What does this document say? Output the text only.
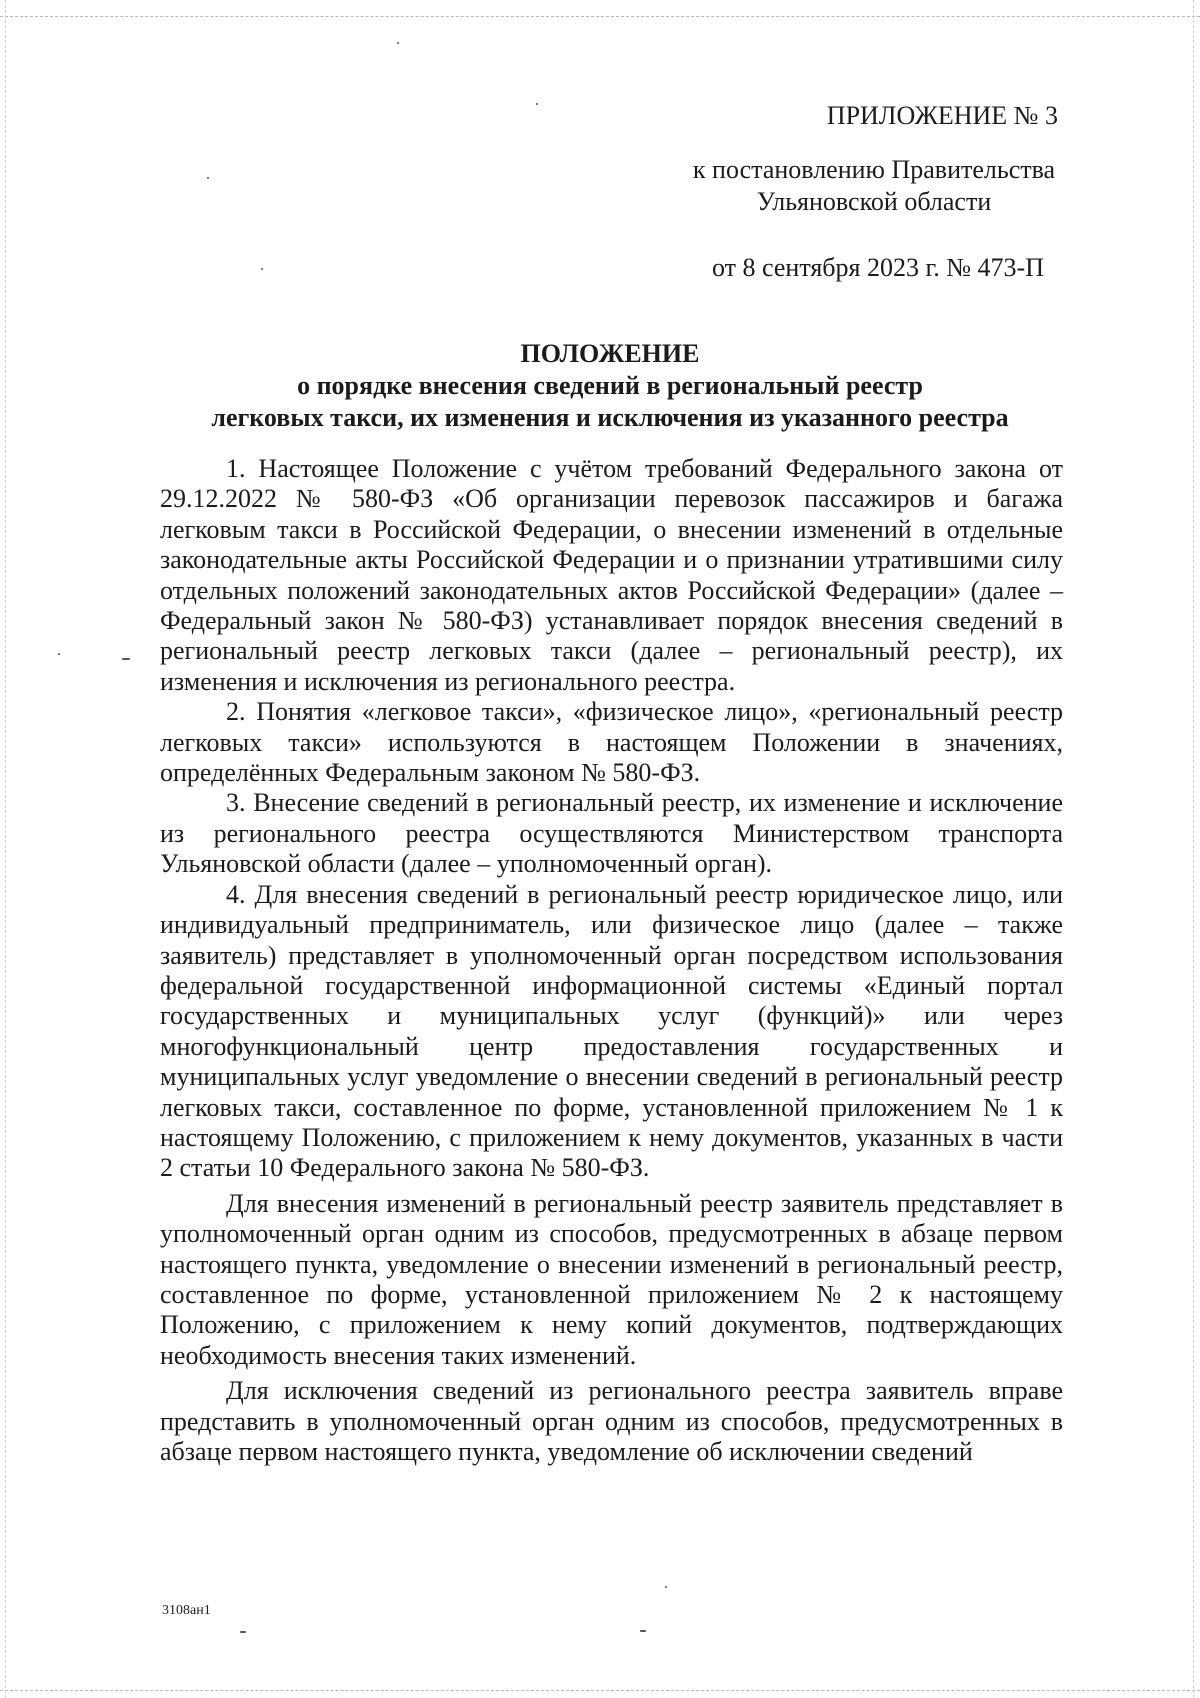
ПРИЛОЖЕНИЕ № 3
к постановлению Правительства
Ульяновской области
от 8 сентября 2023 г. № 473-П
ПОЛОЖЕНИЕ
о порядке внесения сведений в региональный реестр
легковых такси, их изменения и исключения из указанного реестра

1. Настоящее Положение с учётом требований Федерального закона от 29.12.2022 № 580-ФЗ «Об организации перевозок пассажиров и багажа легковым такси в Российской Федерации, о внесении изменений в отдельные законодательные акты Российской Федерации и о признании утратившими силу отдельных положений законодательных актов Российской Федерации» (далее – Федеральный закон № 580-ФЗ) устанавливает порядок внесения сведений в региональный реестр легковых такси (далее – региональный реестр), их изменения и исключения из регионального реестра.

2. Понятия «легковое такси», «физическое лицо», «региональный реестр легковых такси» используются в настоящем Положении в значениях, определённых Федеральным законом № 580-ФЗ.

3. Внесение сведений в региональный реестр, их изменение и исключение из регионального реестра осуществляются Министерством транспорта Ульяновской области (далее – уполномоченный орган).

4. Для внесения сведений в региональный реестр юридическое лицо, или индивидуальный предприниматель, или физическое лицо (далее – также заявитель) представляет в уполномоченный орган посредством использования федеральной государственной информационной системы «Единый портал государственных и муниципальных услуг (функций)» или через многофункциональный центр предоставления государственных и муниципальных услуг уведомление о внесении сведений в региональный реестр легковых такси, составленное по форме, установленной приложением № 1 к настоящему Положению, с приложением к нему документов, указанных в части 2 статьи 10 Федерального закона № 580-ФЗ.

Для внесения изменений в региональный реестр заявитель представляет в уполномоченный орган одним из способов, предусмотренных в абзаце первом настоящего пункта, уведомление о внесении изменений в региональный реестр, составленное по форме, установленной приложением № 2 к настоящему Положению, с приложением к нему копий документов, подтверждающих необходимость внесения таких изменений.

Для исключения сведений из регионального реестра заявитель вправе представить в уполномоченный орган одним из способов, предусмотренных в абзаце первом настоящего пункта, уведомление об исключении сведений

3108ан1
